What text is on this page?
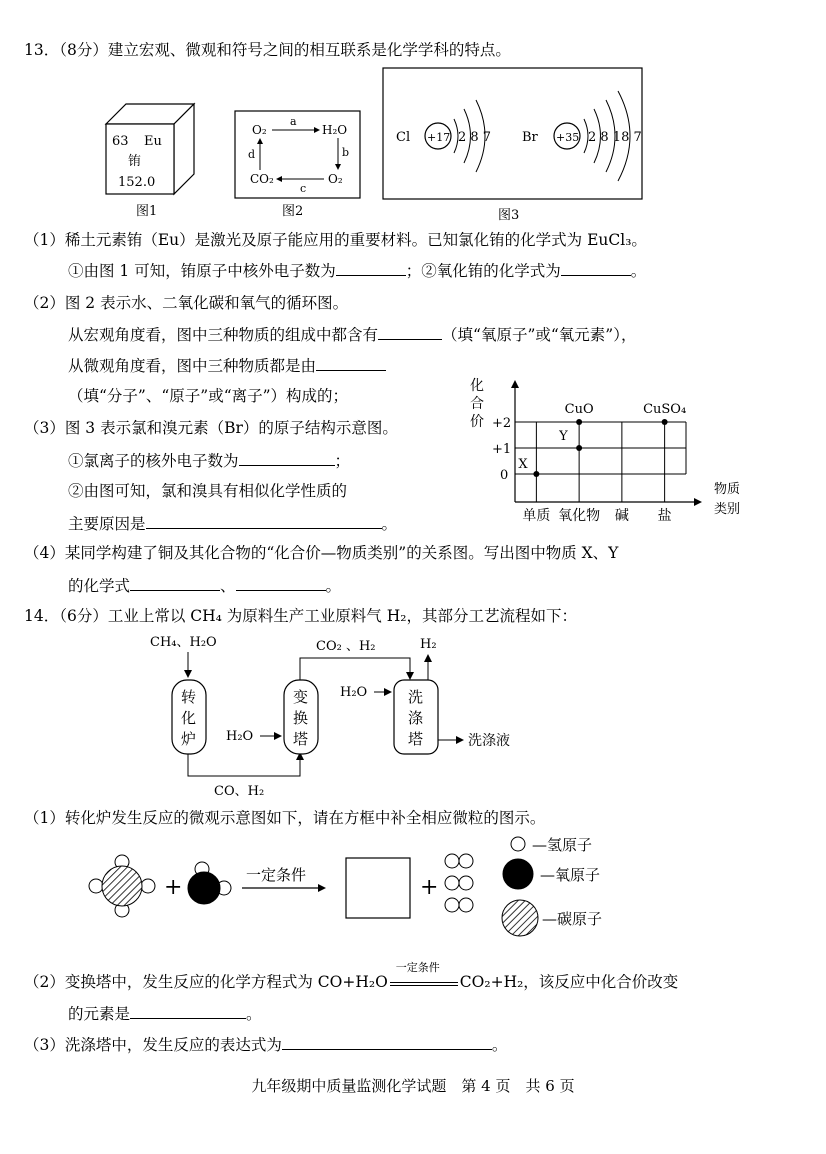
13．（8分）建立宏观、微观和符号之间的相互联系是化学学科的特点。
63 Eu
铕
152.0
图1
O₂	H₂O
O₂
CO₂
a
b
c
d
图2
Cl +17 2 8 7 Br +35 2 8 18 7
图3
（1）稀土元素铕（Eu）是激光及原子能应用的重要材料。已知氯化铕的化学式为 EuCl₃。
①由图 1 可知，铕原子中核外电子数为	；②氧化铕的化学式为	。
（2）图 2 表示水、二氧化碳和氧气的循环图。
从宏观角度看，图中三种物质的组成中都含有	（填“氧原子”或“氧元素”），
从微观角度看，图中三种物质都是由
（填“分子”、“原子”或“离子”）构成的；
（3）图 3 表示氯和溴元素（Br）的原子结构示意图。
①氯离子的核外电子数为	；
②由图可知，氯和溴具有相似化学性质的
主要原因是	。
化
合
价 +2
+1
0
单质 氧化物 碱 盐
X
Y
CuO	CuSO₄
物质
类别
（4）某同学构建了铜及其化合物的“化合价—物质类别”的关系图。写出图中物质 X、Y
的化学式	、	。
14．（6分）工业上常以 CH₄ 为原料生产工业原料气 H₂，其部分工艺流程如下：
CH₄、H₂O
转
化
炉
CO、H₂
H₂O
变
换
塔
CO₂ 、H₂
H₂O	洗
涤
塔
H₂
洗涤液
（1）转化炉发生反应的微观示意图如下，请在方框中补全相应微粒的图示。
+	一定条件	+
—氢原子
—氧原子
—碳原子
（2）变换塔中，发生反应的化学方程式为 CO+H₂O
一定条件
CO₂+H₂，该反应中化合价改变
的元素是	。
（3）洗涤塔中，发生反应的表达式为	。
九年级期中质量监测化学试题　第 4 页　共 6 页
